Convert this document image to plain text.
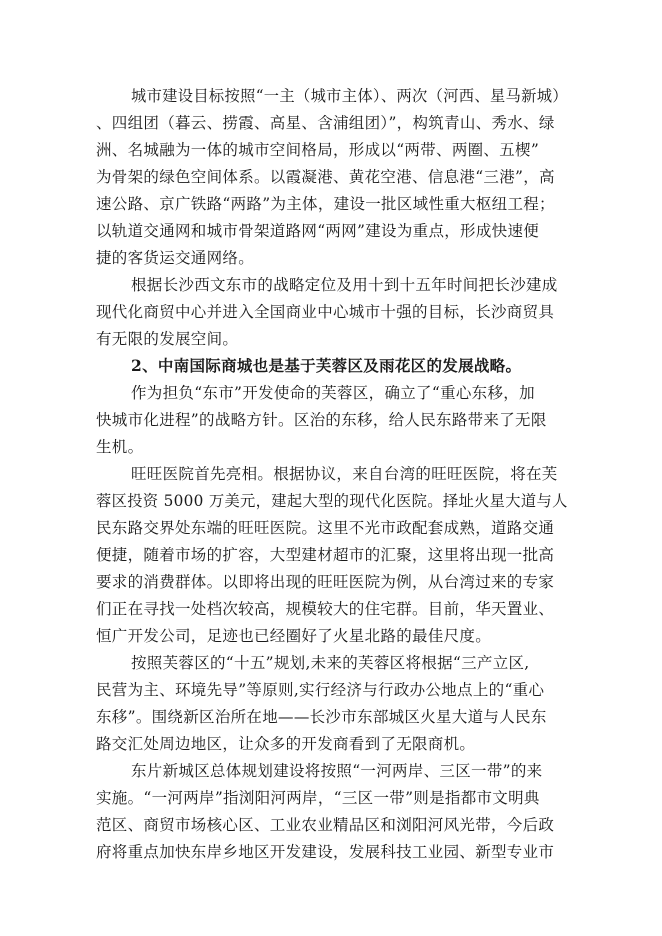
城市建设目标按照“一主（城市主体）、两次（河西、星马新城）
、四组团（暮云、捞霞、高星、含浦组团）”，构筑青山、秀水、绿
洲、名城融为一体的城市空间格局，形成以“两带、两圈、五楔”
为骨架的绿色空间体系。以霞凝港、黄花空港、信息港“三港”，高
速公路、京广铁路“两路”为主体，建设一批区域性重大枢纽工程；
以轨道交通网和城市骨架道路网“两网”建设为重点，形成快速便
捷的客货运交通网络。
根据长沙西文东市的战略定位及用十到十五年时间把长沙建成
现代化商贸中心并进入全国商业中心城市十强的目标，长沙商贸具
有无限的发展空间。
2、中南国际商城也是基于芙蓉区及雨花区的发展战略。
作为担负“东市”开发使命的芙蓉区，确立了“重心东移，加
快城市化进程”的战略方针。区治的东移，给人民东路带来了无限
生机。
旺旺医院首先亮相。根据协议，来自台湾的旺旺医院，将在芙
蓉区投资 5000 万美元，建起大型的现代化医院。择址火星大道与人
民东路交界处东端的旺旺医院。这里不光市政配套成熟，道路交通
便捷，随着市场的扩容，大型建材超市的汇聚，这里将出现一批高
要求的消费群体。以即将出现的旺旺医院为例，从台湾过来的专家
们正在寻找一处档次较高，规模较大的住宅群。目前，华天置业、
恒广开发公司，足迹也已经圈好了火星北路的最佳尺度。
按照芙蓉区的“十五”规划,未来的芙蓉区将根据“三产立区,
民营为主、环境先导”等原则,实行经济与行政办公地点上的“重心
东移”。围绕新区治所在地——长沙市东部城区火星大道与人民东
路交汇处周边地区，让众多的开发商看到了无限商机。
东片新城区总体规划建设将按照“一河两岸、三区一带”的来
实施。“一河两岸”指浏阳河两岸，“三区一带”则是指都市文明典
范区、商贸市场核心区、工业农业精品区和浏阳河风光带，今后政
府将重点加快东岸乡地区开发建设，发展科技工业园、新型专业市
